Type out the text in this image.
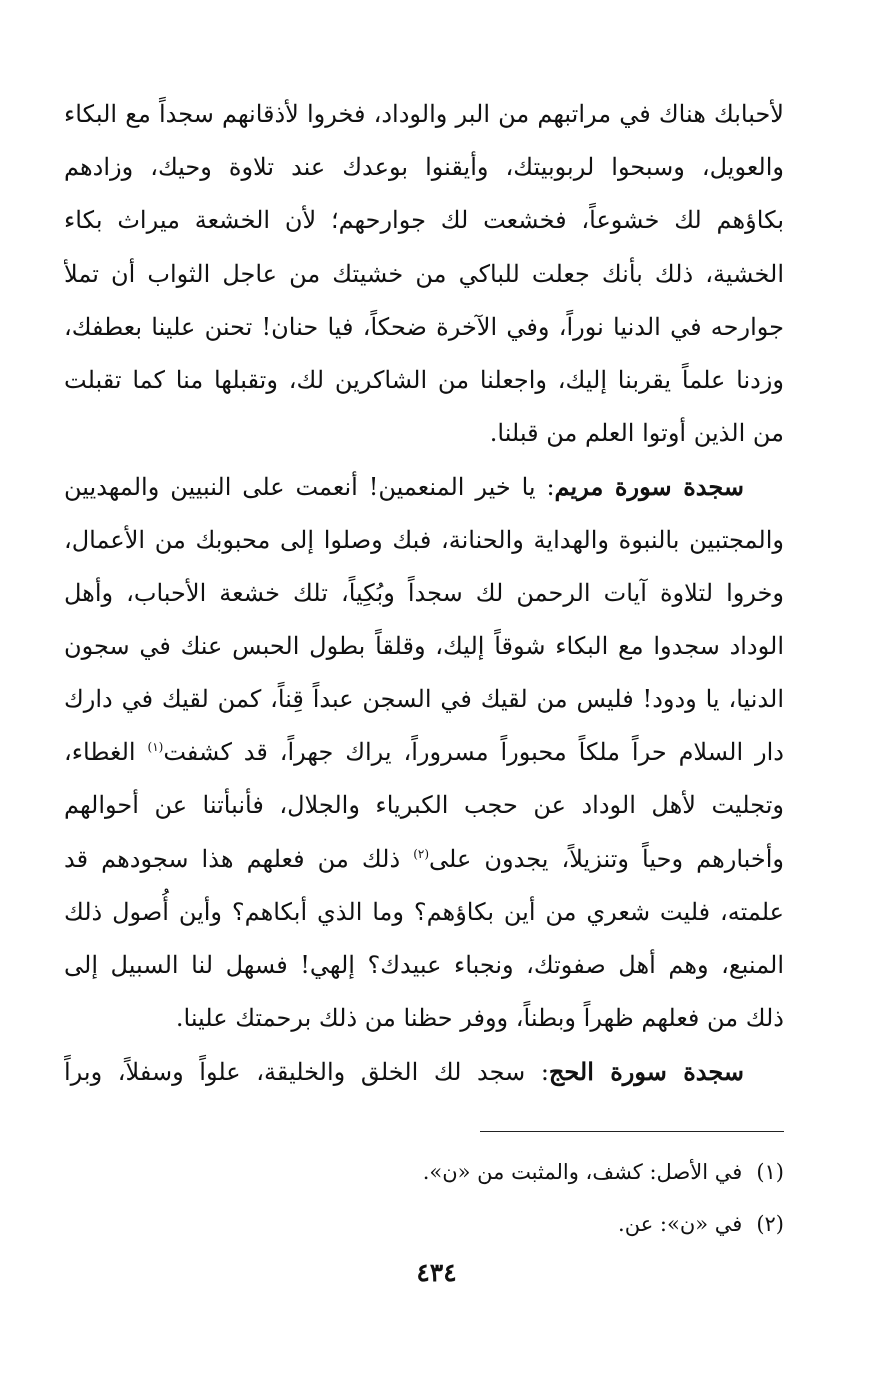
لأحبابك هناك في مراتبهم من البر والوداد، فخروا لأذقانهم سجداً مع البكاء
والعويل، وسبحوا لربوبيتك، وأيقنوا بوعدك عند تلاوة وحيك، وزادهم
بكاؤهم لك خشوعاً، فخشعت لك جوارحهم؛ لأن الخشعة ميراث بكاء
الخشية، ذلك بأنك جعلت للباكي من خشيتك من عاجل الثواب أن تملأ
جوارحه في الدنيا نوراً، وفي الآخرة ضحكاً، فيا حنان! تحنن علينا بعطفك،
وزدنا علماً يقربنا إليك، واجعلنا من الشاكرين لك، وتقبلها منا كما تقبلت
من الذين أوتوا العلم من قبلنا.
سجدة سورة مريم: يا خير المنعمين! أنعمت على النبيين والمهديين
والمجتبين بالنبوة والهداية والحنانة، فبك وصلوا إلى محبوبك من الأعمال،
وخروا لتلاوة آيات الرحمن لك سجداً وبُكِياً، تلك خشعة الأحباب، وأهل
الوداد سجدوا مع البكاء شوقاً إليك، وقلقاً بطول الحبس عنك في سجون
الدنيا، يا ودود! فليس من لقيك في السجن عبداً قِناً، كمن لقيك في دارك
دار السلام حراً ملكاً محبوراً مسروراً، يراك جهراً، قد كشفت$^{(١)}$ الغطاء،
وتجليت لأهل الوداد عن حجب الكبرياء والجلال، فأنبأتنا عن أحوالهم
وأخبارهم وحياً وتنزيلاً، يجدون على$^{(٢)}$ ذلك من فعلهم هذا سجودهم قد
علمته، فليت شعري من أين بكاؤهم؟ وما الذي أبكاهم؟ وأين أُصول ذلك
المنبع، وهم أهل صفوتك، ونجباء عبيدك؟ إلهي! فسهل لنا السبيل إلى
ذلك من فعلهم ظهراً وبطناً، ووفر حظنا من ذلك برحمتك علينا.
سجدة سورة الحج: سجد لك الخلق والخليقة، علواً وسفلاً، وبراً
(١)في الأصل: كشف، والمثبت من «ن».
(٢)في «ن»: عن.
٤٣٤
